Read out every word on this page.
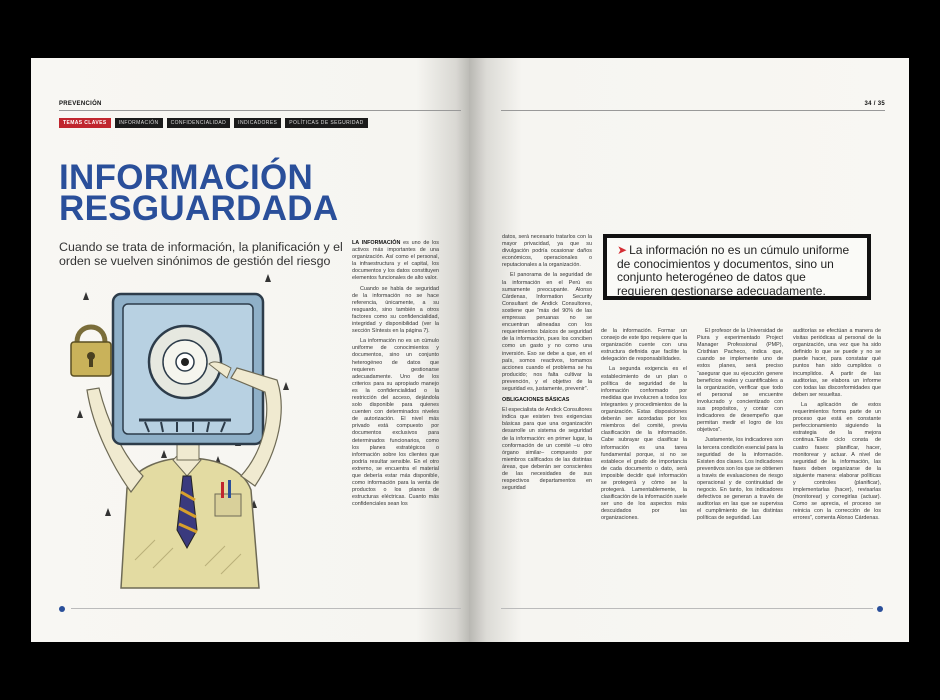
PREVENCIÓN
TEMAS CLAVES	INFORMACIÓN	CONFIDENCIALIDAD	INDICADORES	POLÍTICAS DE SEGURIDAD
INFORMACIÓN
RESGUARDADA

Cuando se trata de información, la planificación y el orden se vuelven sinónimos de gestión del riesgo

LA INFORMACIÓN es uno de los activos más importantes de una organización. Así como el personal, la infraestructura y el capital, los documentos y los datos constituyen elementos funcionales de alto valor.

Cuando se habla de seguridad de la información no se hace referencia, únicamente, a su resguardo, sino también a otros factores como su confidencialidad, integridad y disponibilidad (ver la sección Síntesis en la página 7).

La información no es un cúmulo uniforme de conocimientos y documentos, sino un conjunto heterogéneo de datos que requieren gestionarse adecuadamente. Uno de los criterios para su apropiado manejo es la confidencialidad o la restricción del acceso, dejándola solo disponible para quienes cuenten con determinados niveles de autorización. El nivel más privado está compuesto por documentos exclusivos para determinados funcionarios, como los planes estratégicos o información sobre los clientes que podría resultar sensible. En el otro extremo, se encuentra el material que debería estar más disponible, como información para la venta de productos o los planos de estructuras eléctricas. Cuanto más confidenciales sean los

34 / 35

datos, será necesario tratarlos con la mayor privacidad, ya que su divulgación podría ocasionar daños económicos, operacionales o reputacionales a la organización.

El panorama de la seguridad de la información en el Perú es sumamente preocupante. Alonso Cárdenas, Information Security Consultant de Andick Consultores, sostiene que “más del 90% de las empresas peruanas no se encuentran alineadas con los requerimientos básicos de seguridad de la información, pues los conciben como un gasto y no como una inversión. Eso se debe a que, en el país, somos reactivos, tomamos acciones cuando el problema se ha producido; nos falta cultivar la prevención, y el objetivo de la seguridad es, justamente, prevenir”.

OBLIGACIONES BÁSICAS

El especialista de Andick Consultores indica que existen tres exigencias básicas para que una organización desarrolle un sistema de seguridad de la información: en primer lugar, la conformación de un comité –u otro órgano similar– compuesto por miembros calificados de las distintas áreas, que deberán ser conscientes de las necesidades de sus respectivos departamentos en seguridad

➤ La información no es un cúmulo uniforme de conocimientos y documentos, sino un conjunto heterogéneo de datos que requieren gestionarse adecuadamente.

de la información. Formar un consejo de este tipo requiere que la organización cuente con una estructura definida que facilite la delegación de responsabilidades.

La segunda exigencia es el establecimiento de un plan o política de seguridad de la información conformado por medidas que involucren a todos los integrantes y procedimientos de la organización. Estas disposiciones deberán ser acordadas por los miembros del comité, previa clasificación de la información. Cabe subrayar que clasificar la información es una tarea fundamental porque, si no se establece el grado de importancia de cada documento o dato, será imposible decidir qué información se protegerá y cómo se la protegerá. Lamentablemente, la clasificación de la información suele ser uno de los aspectos más descuidados por las organizaciones.

El profesor de la Universidad de Piura y experimentado Project Manager Professional (PMP), Cristhian Pacheco, indica que, cuando se implemente uno de estos planes, será preciso “asegurar que su ejecución genere beneficios reales y cuantificables a la organización, verificar que todo el personal se encuentre involucrado y concientizado con sus propósitos, y contar con indicadores de desempeño que permitan medir el logro de los objetivos”.

Justamente, los indicadores son la tercera condición esencial para la seguridad de la información. Existen dos clases. Los indicadores preventivos son los que se obtienen a través de evaluaciones de riesgo operacional y de continuidad de negocio. En tanto, los indicadores defectivos se generan a través de auditorías en las que se supervisa el cumplimiento de las distintas políticas de seguridad. Las

auditorías se efectúan a manera de visitas periódicas al personal de la organización, una vez que ha sido definido lo que se puede y no se puede hacer, para constatar qué puntos han sido cumplidos o incumplidos. A partir de las auditorías, se elabora un informe con todas las disconformidades que deben ser resueltas.

La aplicación de estos requerimientos forma parte de un proceso que está en constante perfeccionamiento siguiendo la estrategia de la mejora continua.“Este ciclo consta de cuatro fases: planificar, hacer, monitorear y actuar. A nivel de seguridad de la información, las fases deben organizarse de la siguiente manera: elaborar políticas y controles (planificar), implementarlas (hacer), revisarlas (monitorear) y corregirlas (actuar). Como se aprecia, el proceso se reinicia con la corrección de los errores”, comenta Alonso Cárdenas.
